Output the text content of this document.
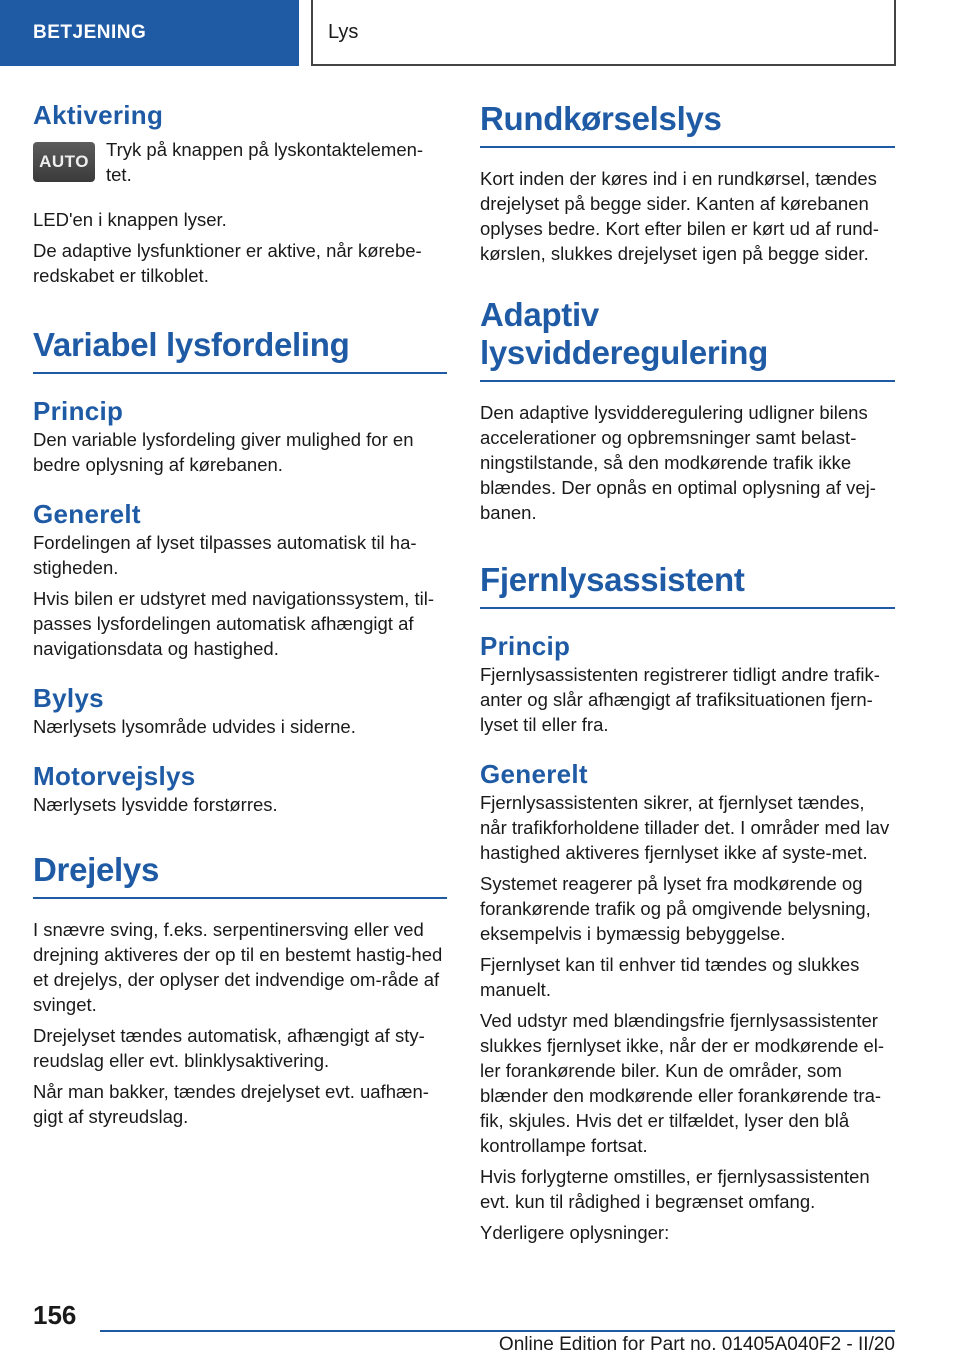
BETJENING	Lys
Aktivering
AUTO

Tryk på knappen på lyskontaktelemen-tet.

LED'en i knappen lyser.

De adaptive lysfunktioner er aktive, når kørebe-redskabet er tilkoblet.

Variabel lysfordeling
Princip

Den variable lysfordeling giver mulighed for en bedre oplysning af kørebanen.

Generelt

Fordelingen af lyset tilpasses automatisk til ha-stigheden.

Hvis bilen er udstyret med navigationssystem, til-passes lysfordelingen automatisk afhængigt af navigationsdata og hastighed.

Bylys

Nærlysets lysområde udvides i siderne.

Motorvejslys

Nærlysets lysvidde forstørres.

Drejelys

I snævre sving, f.eks. serpentinersving eller ved drejning aktiveres der op til en bestemt hastig-hed et drejelys, der oplyser det indvendige om-råde af svinget.

Drejelyset tændes automatisk, afhængigt af sty-reudslag eller evt. blinklysaktivering.

Når man bakker, tændes drejelyset evt. uafhæn-gigt af styreudslag.

Rundkørselslys

Kort inden der køres ind i en rundkørsel, tændes drejelyset på begge sider. Kanten af kørebanen oplyses bedre. Kort efter bilen er kørt ud af rund-kørslen, slukkes drejelyset igen på begge sider.

Adaptiv lysvidderegulering

Den adaptive lysvidderegulering udligner bilens accelerationer og opbremsninger samt belast-ningstilstande, så den modkørende trafik ikke blændes. Der opnås en optimal oplysning af vej-banen.

Fjernlysassistent
Princip

Fjernlysassistenten registrerer tidligt andre trafik-anter og slår afhængigt af trafiksituationen fjern-lyset til eller fra.

Generelt

Fjernlysassistenten sikrer, at fjernlyset tændes, når trafikforholdene tillader det. I områder med lav hastighed aktiveres fjernlyset ikke af syste-met.

Systemet reagerer på lyset fra modkørende og forankørende trafik og på omgivende belysning, eksempelvis i bymæssig bebyggelse.

Fjernlyset kan til enhver tid tændes og slukkes manuelt.

Ved udstyr med blændingsfrie fjernlysassistenter slukkes fjernlyset ikke, når der er modkørende el-ler forankørende biler. Kun de områder, som blænder den modkørende eller forankørende tra-fik, skjules. Hvis det er tilfældet, lyser den blå kontrollampe fortsat.

Hvis forlygterne omstilles, er fjernlysassistenten evt. kun til rådighed i begrænset omfang.

Yderligere oplysninger:

156
Online Edition for Part no. 01405A040F2 - II/20
